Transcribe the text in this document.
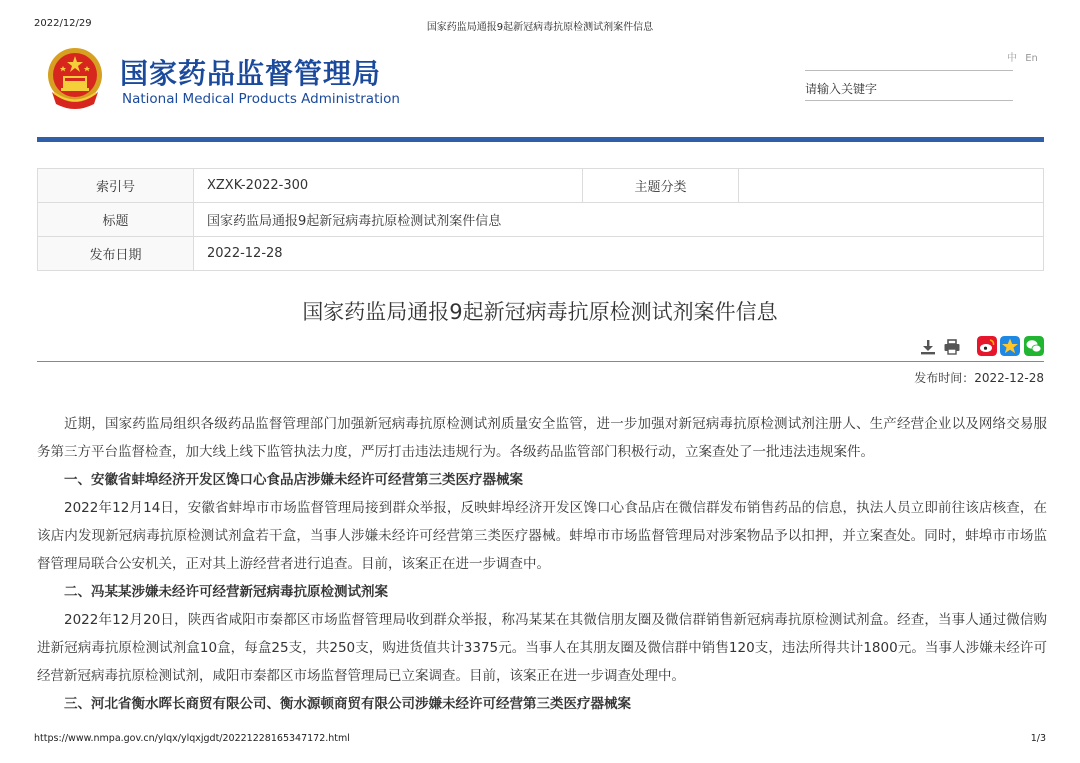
2022/12/29	国家药监局通报9起新冠病毒抗原检测试剂案件信息
国家药品监督管理局
National Medical Products Administration
中 En
请输入关键字
索引号	XZXK-2022-300	主题分类	
标题	国家药监局通报9起新冠病毒抗原检测试剂案件信息		
发布日期	2022-12-28		
国家药监局通报9起新冠病毒抗原检测试剂案件信息
发布时间：2022-12-28

近期，国家药监局组织各级药品监督管理部门加强新冠病毒抗原检测试剂质量安全监管，进一步加强对新冠病毒抗原检测试剂注册人、生产经营企业以及网络交易服务第三方平台监督检查，加大线上线下监管执法力度，严厉打击违法违规行为。各级药品监管部门积极行动，立案查处了一批违法违规案件。

一、安徽省蚌埠经济开发区馋口心食品店涉嫌未经许可经营第三类医疗器械案

2022年12月14日，安徽省蚌埠市市场监督管理局接到群众举报，反映蚌埠经济开发区馋口心食品店在微信群发布销售药品的信息，执法人员立即前往该店核查，在该店内发现新冠病毒抗原检测试剂盒若干盒，当事人涉嫌未经许可经营第三类医疗器械。蚌埠市市场监督管理局对涉案物品予以扣押，并立案查处。同时，蚌埠市市场监督管理局联合公安机关，正对其上游经营者进行追查。目前，该案正在进一步调查中。

二、冯某某涉嫌未经许可经营新冠病毒抗原检测试剂案

2022年12月20日，陕西省咸阳市秦都区市场监督管理局收到群众举报，称冯某某在其微信朋友圈及微信群销售新冠病毒抗原检测试剂盒。经查，当事人通过微信购进新冠病毒抗原检测试剂盒10盒，每盒25支，共250支，购进货值共计3375元。当事人在其朋友圈及微信群中销售120支，违法所得共计1800元。当事人涉嫌未经许可经营新冠病毒抗原检测试剂，咸阳市秦都区市场监督管理局已立案调查。目前，该案正在进一步调查处理中。

三、河北省衡水晖长商贸有限公司、衡水源顿商贸有限公司涉嫌未经许可经营第三类医疗器械案

https://www.nmpa.gov.cn/ylqx/ylqxjgdt/20221228165347172.html	1/3
